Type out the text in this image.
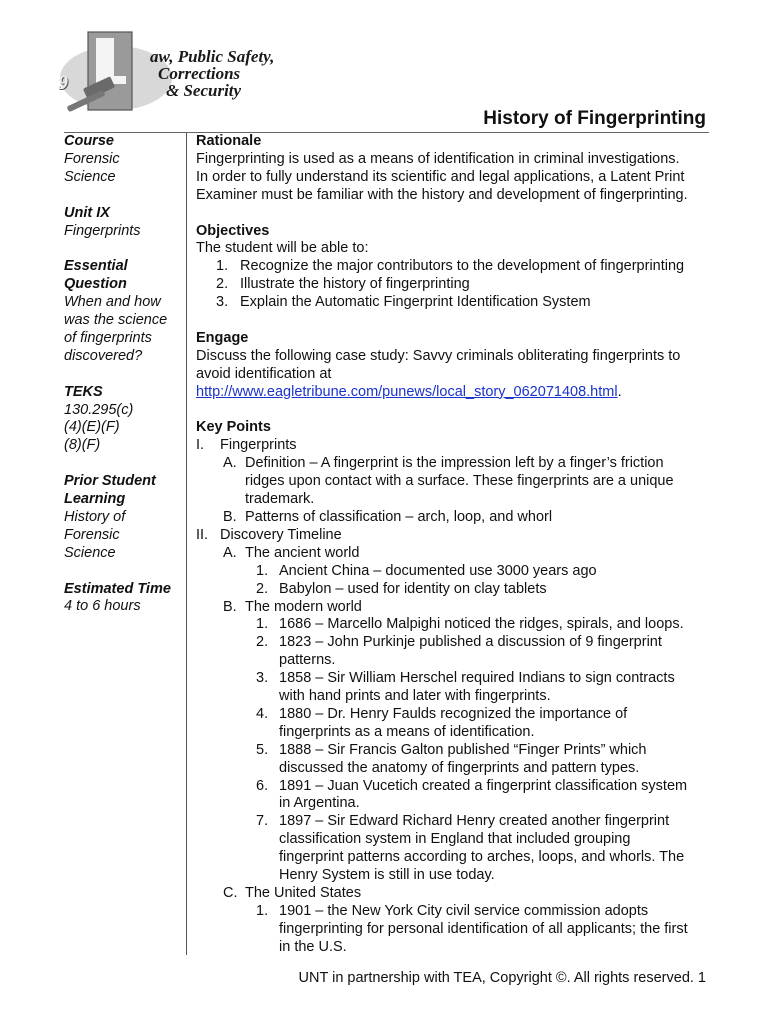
9
aw, Public Safety,
Corrections
& Security
History of Fingerprinting
Course
Forensic
Science
Unit IX
Fingerprints
Essential
Question
When and how
was the science
of fingerprints
discovered?
TEKS
130.295(c)
(4)(E)(F)
(8)(F)
Prior Student
Learning
History of
Forensic
Science
Estimated Time
4 to 6 hours
Rationale
Fingerprinting is used as a means of identification in criminal investigations.
In order to fully understand its scientific and legal applications, a Latent Print
Examiner must be familiar with the history and development of fingerprinting.
Objectives
The student will be able to:
1. Recognize the major contributors to the development of fingerprinting
2. Illustrate the history of fingerprinting
3. Explain the Automatic Fingerprint Identification System
Engage
Discuss the following case study: Savvy criminals obliterating fingerprints to
avoid identification at
http://www.eagletribune.com/punews/local_story_062071408.html.
Key Points
I.	Fingerprints
A. Definition – A fingerprint is the impression left by a finger’s friction
ridges upon contact with a surface. These fingerprints are a unique
trademark.
B. Patterns of classification – arch, loop, and whorl
II. Discovery Timeline
A. The ancient world
1. Ancient China – documented use 3000 years ago
2. Babylon – used for identity on clay tablets
B. The modern world
1. 1686 – Marcello Malpighi noticed the ridges, spirals, and loops.
2. 1823 – John Purkinje published a discussion of 9 fingerprint
patterns.
3. 1858 – Sir William Herschel required Indians to sign contracts
with hand prints and later with fingerprints.
4. 1880 – Dr. Henry Faulds recognized the importance of
fingerprints as a means of identification.
5. 1888 – Sir Francis Galton published “Finger Prints” which
discussed the anatomy of fingerprints and pattern types.
6. 1891 – Juan Vucetich created a fingerprint classification system
in Argentina.
7. 1897 – Sir Edward Richard Henry created another fingerprint
classification system in England that included grouping
fingerprint patterns according to arches, loops, and whorls. The
Henry System is still in use today.
C. The United States
1. 1901 – the New York City civil service commission adopts
fingerprinting for personal identification of all applicants; the first
in the U.S.
UNT in partnership with TEA, Copyright ©. All rights reserved. 1
